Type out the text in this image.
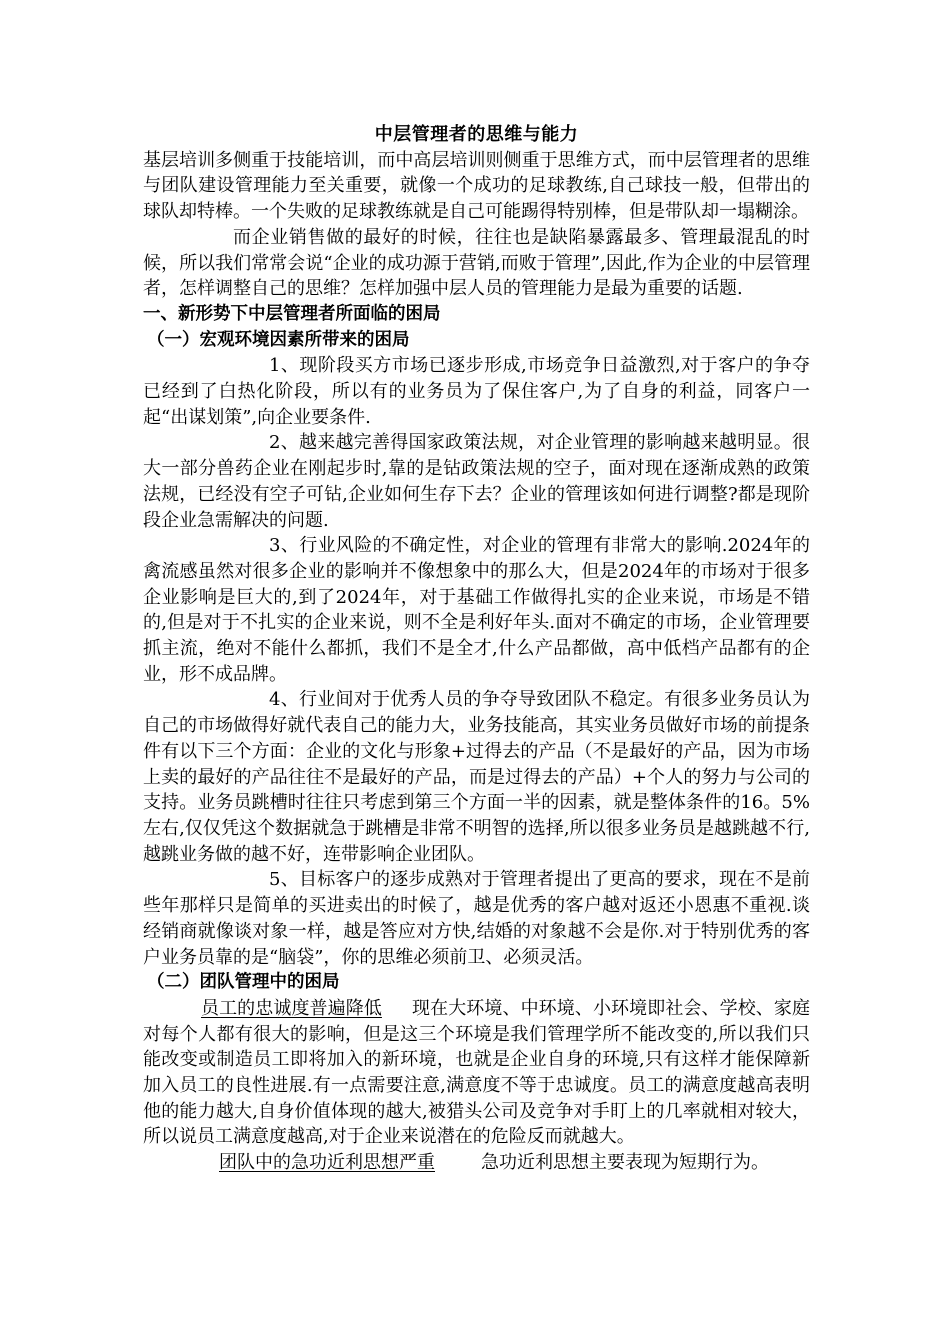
中层管理者的思维与能力

基层培训多侧重于技能培训，而中高层培训则侧重于思维方式，而中层管理者的思维与团队建设管理能力至关重要，就像一个成功的足球教练,自己球技一般，但带出的球队却特棒。一个失败的足球教练就是自己可能踢得特别棒，但是带队却一塌糊涂。

而企业销售做的最好的时候，往往也是缺陷暴露最多、管理最混乱的时候，所以我们常常会说“企业的成功源于营销,而败于管理”,因此,作为企业的中层管理者，怎样调整自己的思维？怎样加强中层人员的管理能力是最为重要的话题.

一、新形势下中层管理者所面临的困局
（一）宏观环境因素所带来的困局

1、现阶段买方市场已逐步形成,市场竞争日益激烈,对于客户的争夺已经到了白热化阶段，所以有的业务员为了保住客户,为了自身的利益，同客户一起“出谋划策”,向企业要条件.

2、越来越完善得国家政策法规，对企业管理的影响越来越明显。很大一部分兽药企业在刚起步时,靠的是钻政策法规的空子，面对现在逐渐成熟的政策法规，已经没有空子可钻,企业如何生存下去？企业的管理该如何进行调整?都是现阶段企业急需解决的问题.

3、行业风险的不确定性，对企业的管理有非常大的影响.2024年的禽流感虽然对很多企业的影响并不像想象中的那么大，但是2024年的市场对于很多企业影响是巨大的,到了2024年，对于基础工作做得扎实的企业来说，市场是不错的,但是对于不扎实的企业来说，则不全是利好年头.面对不确定的市场，企业管理要抓主流，绝对不能什么都抓，我们不是全才,什么产品都做，高中低档产品都有的企业，形不成品牌。

4、行业间对于优秀人员的争夺导致团队不稳定。有很多业务员认为自己的市场做得好就代表自己的能力大，业务技能高，其实业务员做好市场的前提条件有以下三个方面：企业的文化与形象+过得去的产品（不是最好的产品，因为市场上卖的最好的产品往往不是最好的产品，而是过得去的产品）+个人的努力与公司的支持。业务员跳槽时往往只考虑到第三个方面一半的因素，就是整体条件的16。5%左右,仅仅凭这个数据就急于跳槽是非常不明智的选择,所以很多业务员是越跳越不行,越跳业务做的越不好，连带影响企业团队。

5、目标客户的逐步成熟对于管理者提出了更高的要求，现在不是前些年那样只是简单的买进卖出的时候了，越是优秀的客户越对返还小恩惠不重视.谈经销商就像谈对象一样，越是答应对方快,结婚的对象越不会是你.对于特别优秀的客户业务员靠的是“脑袋”，你的思维必须前卫、必须灵活。

（二）团队管理中的困局

员工的忠诚度普遍降低 现在大环境、中环境、小环境即社会、学校、家庭对每个人都有很大的影响，但是这三个环境是我们管理学所不能改变的,所以我们只能改变或制造员工即将加入的新环境，也就是企业自身的环境,只有这样才能保障新加入员工的良性进展.有一点需要注意,满意度不等于忠诚度。员工的满意度越高表明他的能力越大,自身价值体现的越大,被猎头公司及竞争对手盯上的几率就相对较大，所以说员工满意度越高,对于企业来说潜在的危险反而就越大。

团队中的急功近利思想严重	急功近利思想主要表现为短期行为。
